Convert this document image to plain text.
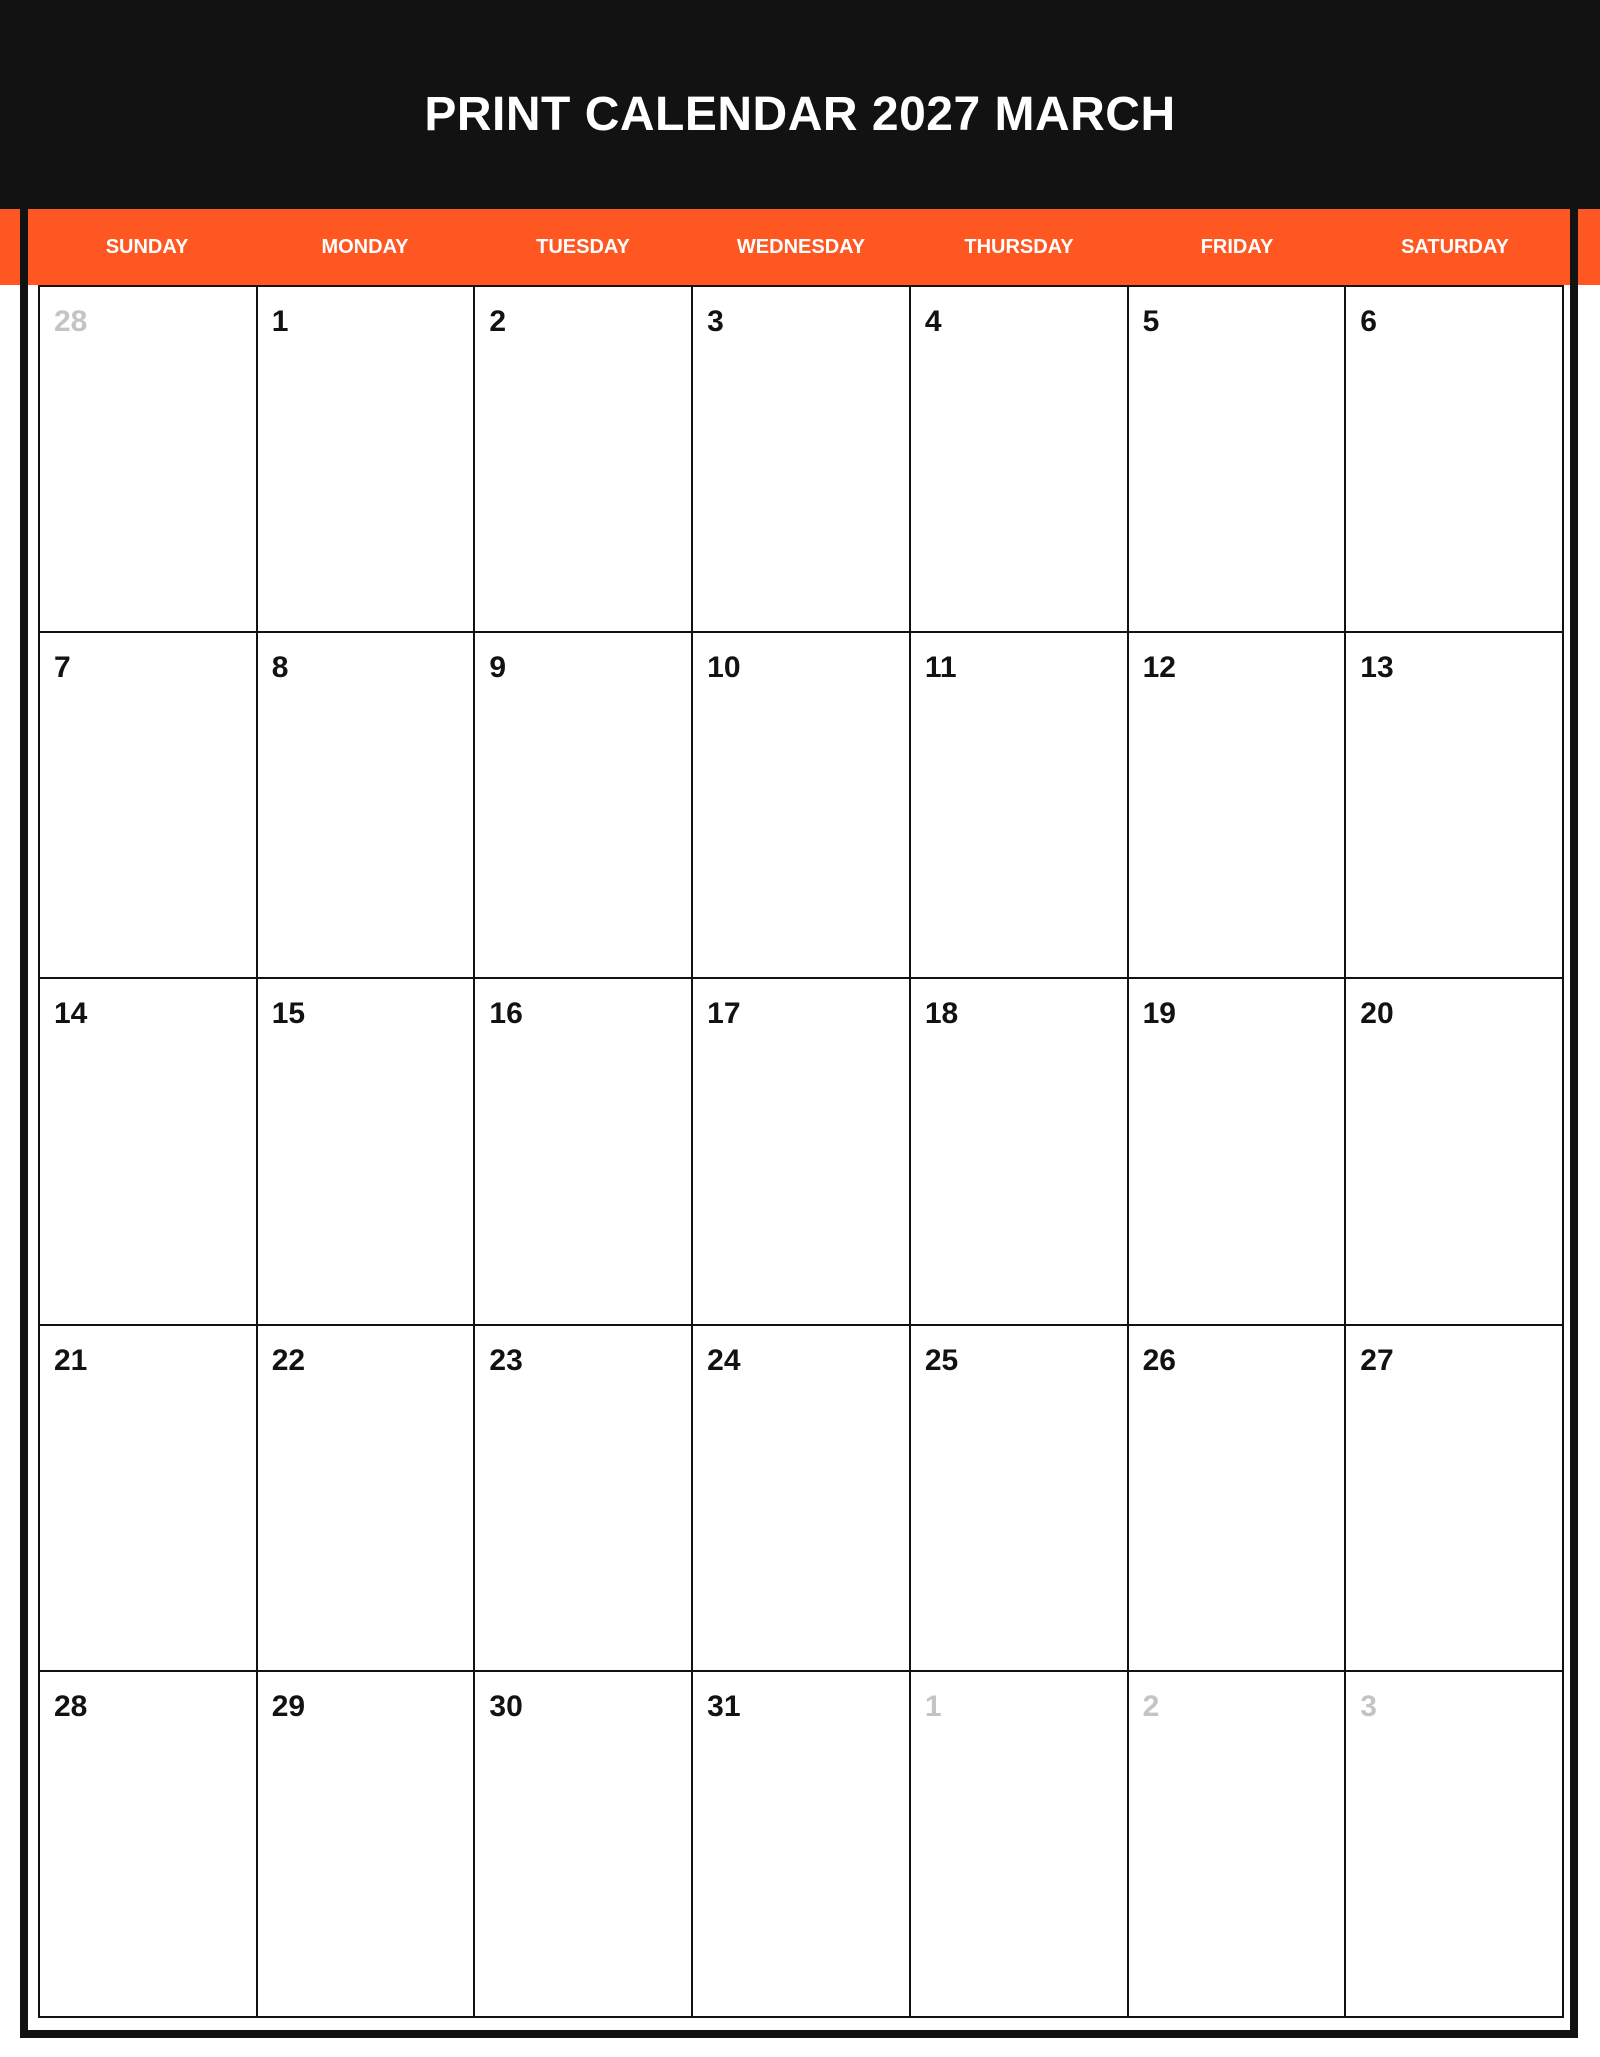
PRINT CALENDAR 2027 MARCH
SUNDAY	MONDAY	TUESDAY	WEDNESDAY	THURSDAY	FRIDAY	SATURDAY
28	1	2	3	4	5	6
7	8	9	10	11	12	13
14	15	16	17	18	19	20
21	22	23	24	25	26	27
28	29	30	31	1	2	3
